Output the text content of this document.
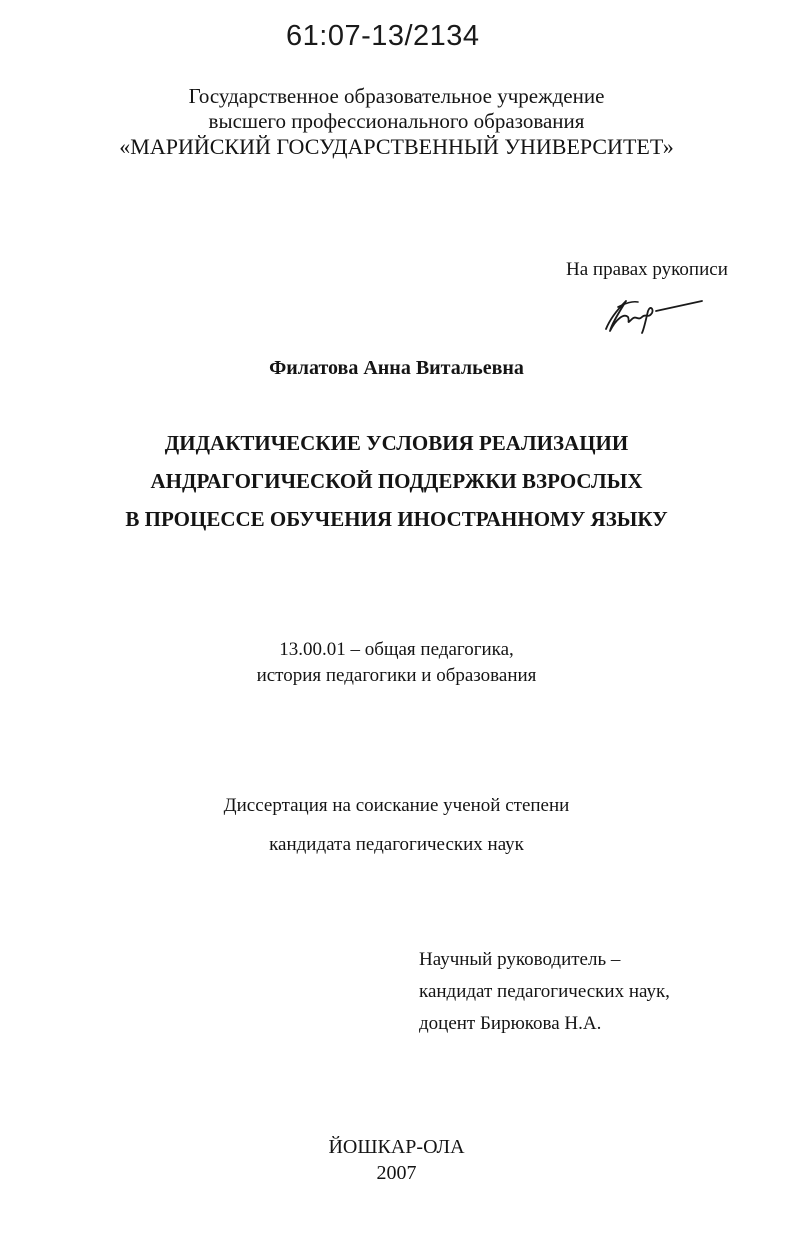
61:07-13/2134
Государственное образовательное учреждение
высшего профессионального образования
«МАРИЙСКИЙ ГОСУДАРСТВЕННЫЙ УНИВЕРСИТЕТ»
На правах рукописи
Филатова Анна Витальевна
ДИДАКТИЧЕСКИЕ УСЛОВИЯ РЕАЛИЗАЦИИ
АНДРАГОГИЧЕСКОЙ ПОДДЕРЖКИ ВЗРОСЛЫХ
В ПРОЦЕССЕ ОБУЧЕНИЯ ИНОСТРАННОМУ ЯЗЫКУ
13.00.01 – общая педагогика,
история педагогики и образования
Диссертация на соискание ученой степени
кандидата педагогических наук
Научный руководитель –
кандидат педагогических наук,
доцент Бирюкова Н.А.
ЙОШКАР-ОЛА
2007
